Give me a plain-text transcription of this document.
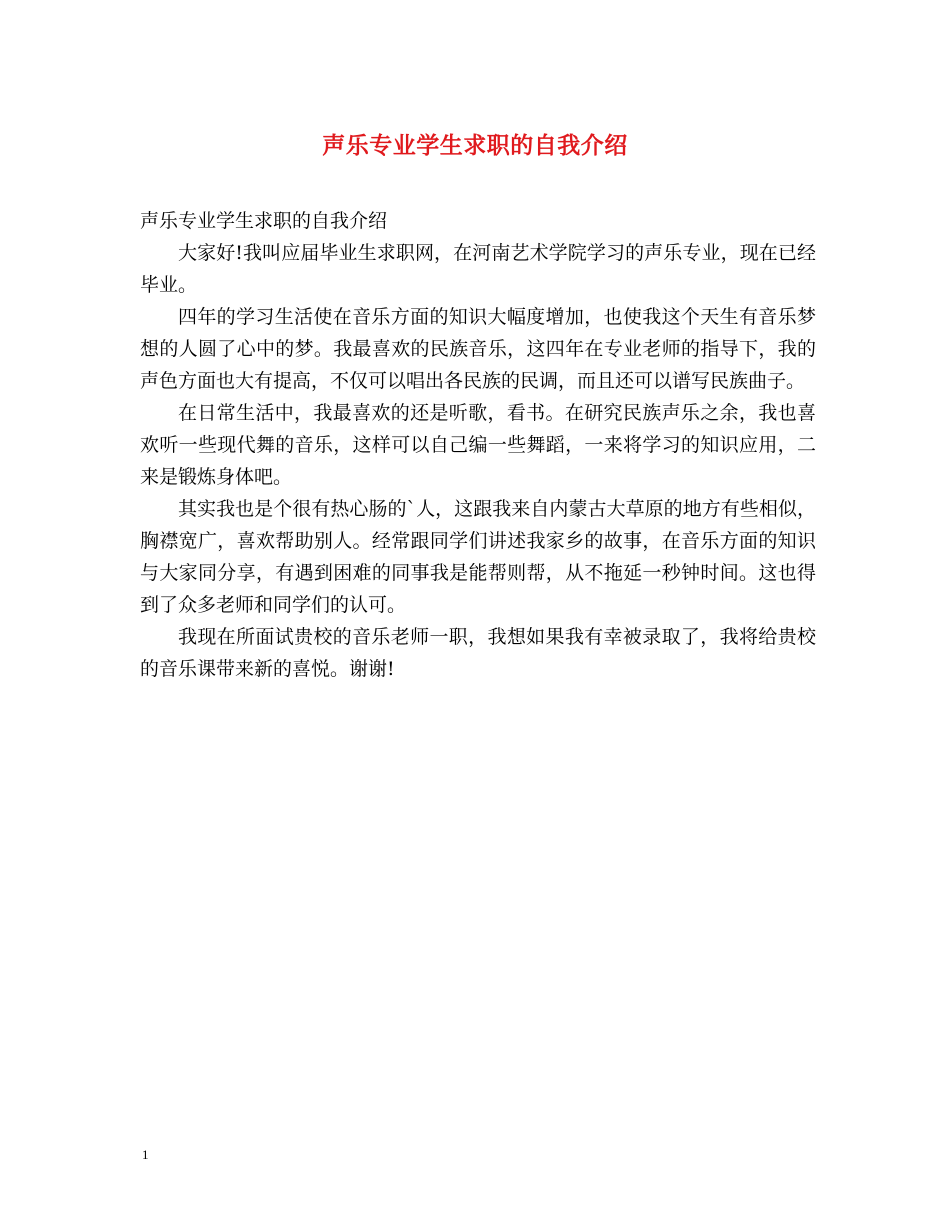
声乐专业学生求职的自我介绍

声乐专业学生求职的自我介绍

大家好!我叫应届毕业生求职网，在河南艺术学院学习的声乐专业，现在已经毕业。

四年的学习生活使在音乐方面的知识大幅度增加，也使我这个天生有音乐梦想的人圆了心中的梦。我最喜欢的民族音乐，这四年在专业老师的指导下，我的声色方面也大有提高，不仅可以唱出各民族的民调，而且还可以谱写民族曲子。

在日常生活中，我最喜欢的还是听歌，看书。在研究民族声乐之余，我也喜欢听一些现代舞的音乐，这样可以自己编一些舞蹈，一来将学习的知识应用，二来是锻炼身体吧。

其实我也是个很有热心肠的`人，这跟我来自内蒙古大草原的地方有些相似，胸襟宽广，喜欢帮助别人。经常跟同学们讲述我家乡的故事，在音乐方面的知识与大家同分享，有遇到困难的同事我是能帮则帮，从不拖延一秒钟时间。这也得到了众多老师和同学们的认可。

我现在所面试贵校的音乐老师一职，我想如果我有幸被录取了，我将给贵校的音乐课带来新的喜悦。谢谢!

1
